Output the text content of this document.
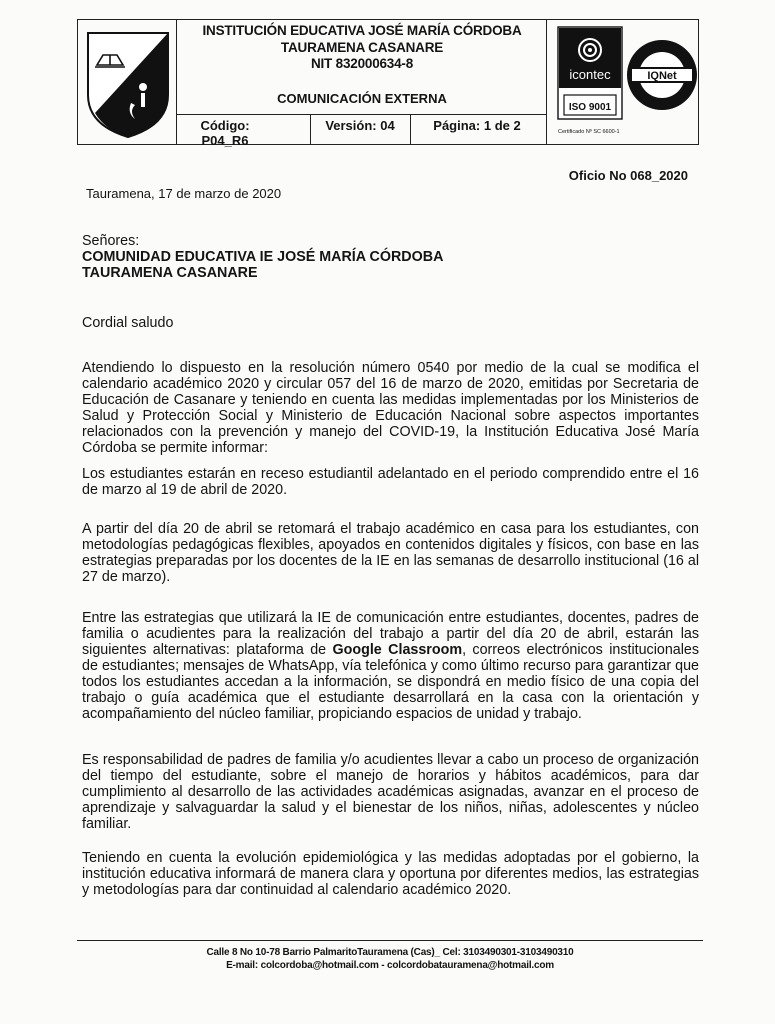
INSTITUCIÓN EDUCATIVA JOSÉ MARÍA CÓRDOBA
TAURAMENA CASANARE
NIT 832000634-8
COMUNICACIÓN EXTERNA
Código: P04_R6
Versión: 04	Página: 1 de 2
icontec
ISO 9001
Certificado Nº SC 6600-1
IQNet
Oficio No 068_2020
Tauramena, 17 de marzo de 2020

Señores:

COMUNIDAD EDUCATIVA IE JOSÉ MARÍA CÓRDOBA

TAURAMENA CASANARE

Cordial saludo
Atendiendo lo dispuesto en la resolución número 0540 por medio de la cual se modifica el calendario académico 2020 y circular 057 del 16 de marzo de 2020, emitidas por Secretaria de Educación de Casanare y teniendo en cuenta las medidas implementadas por los Ministerios de Salud y Protección Social y Ministerio de Educación Nacional sobre aspectos importantes relacionados con la prevención y manejo del COVID-19, la Institución Educativa José María Córdoba se permite informar:
Los estudiantes estarán en receso estudiantil adelantado en el periodo comprendido entre el 16 de marzo al 19 de abril de 2020.
A partir del día 20 de abril se retomará el trabajo académico en casa para los estudiantes, con metodologías pedagógicas flexibles, apoyados en contenidos digitales y físicos, con base en las estrategias preparadas por los docentes de la IE en las semanas de desarrollo institucional (16 al 27 de marzo).
Entre las estrategias que utilizará la IE de comunicación entre estudiantes, docentes, padres de familia o acudientes para la realización del trabajo a partir del día 20 de abril, estarán las siguientes alternativas: plataforma de Google Classroom, correos electrónicos institucionales de estudiantes; mensajes de WhatsApp, vía telefónica y como último recurso para garantizar que todos los estudiantes accedan a la información, se dispondrá en medio físico de una copia del trabajo o guía académica que el estudiante desarrollará en la casa con la orientación y acompañamiento del núcleo familiar, propiciando espacios de unidad y trabajo.
Es responsabilidad de padres de familia y/o acudientes llevar a cabo un proceso de organización del tiempo del estudiante, sobre el manejo de horarios y hábitos académicos, para dar cumplimiento al desarrollo de las actividades académicas asignadas, avanzar en el proceso de aprendizaje y salvaguardar la salud y el bienestar de los niños, niñas, adolescentes y núcleo familiar.
Teniendo en cuenta la evolución epidemiológica y las medidas adoptadas por el gobierno, la institución educativa informará de manera clara y oportuna por diferentes medios, las estrategias y metodologías para dar continuidad al calendario académico 2020.
Calle 8 No 10-78 Barrio PalmaritoTauramena (Cas)_ Cel: 3103490301-3103490310
E-mail: colcordoba@hotmail.com - colcordobatauramena@hotmail.com
